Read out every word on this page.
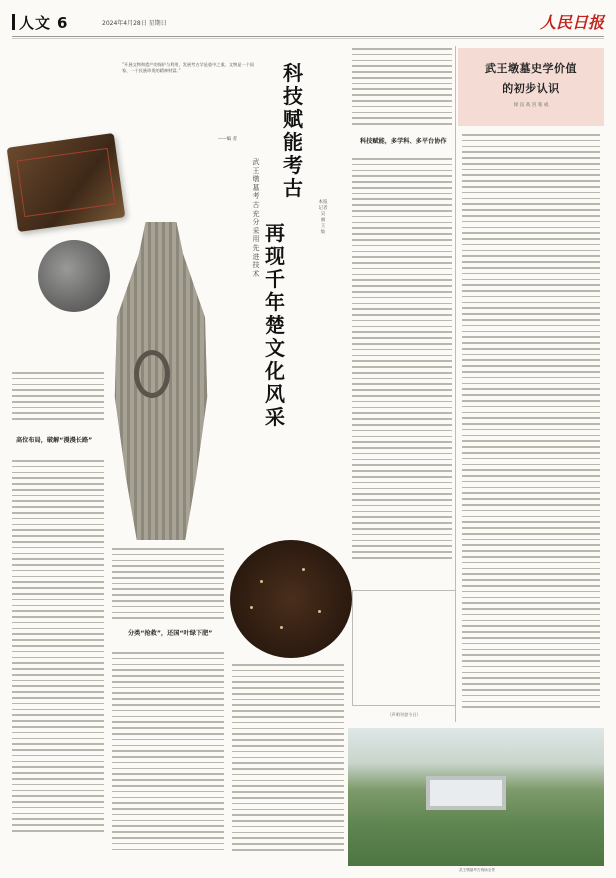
人文 6	2024年4月28日 星期日	人民日报
“开展文物和遗产的保护与利用，发展考古学是重中之重。文物是一个国家、一个民族珍贵的精神财富。”
——编 者
科技赋能考古
再现千年楚文化风采
武王墩墓考古充分采用先进技术
本报记者 吴 丽 王 灿
高位布局，破解“漫漫长路”
分类“抢救”，还国“叶绿下肥”
科技赋能，多学科、多平台协作
（声明刊登今日）
武王墩墓史学价值
的初步认识
徐 良 高 宫 希 成
武王墩墓考古现场全景
